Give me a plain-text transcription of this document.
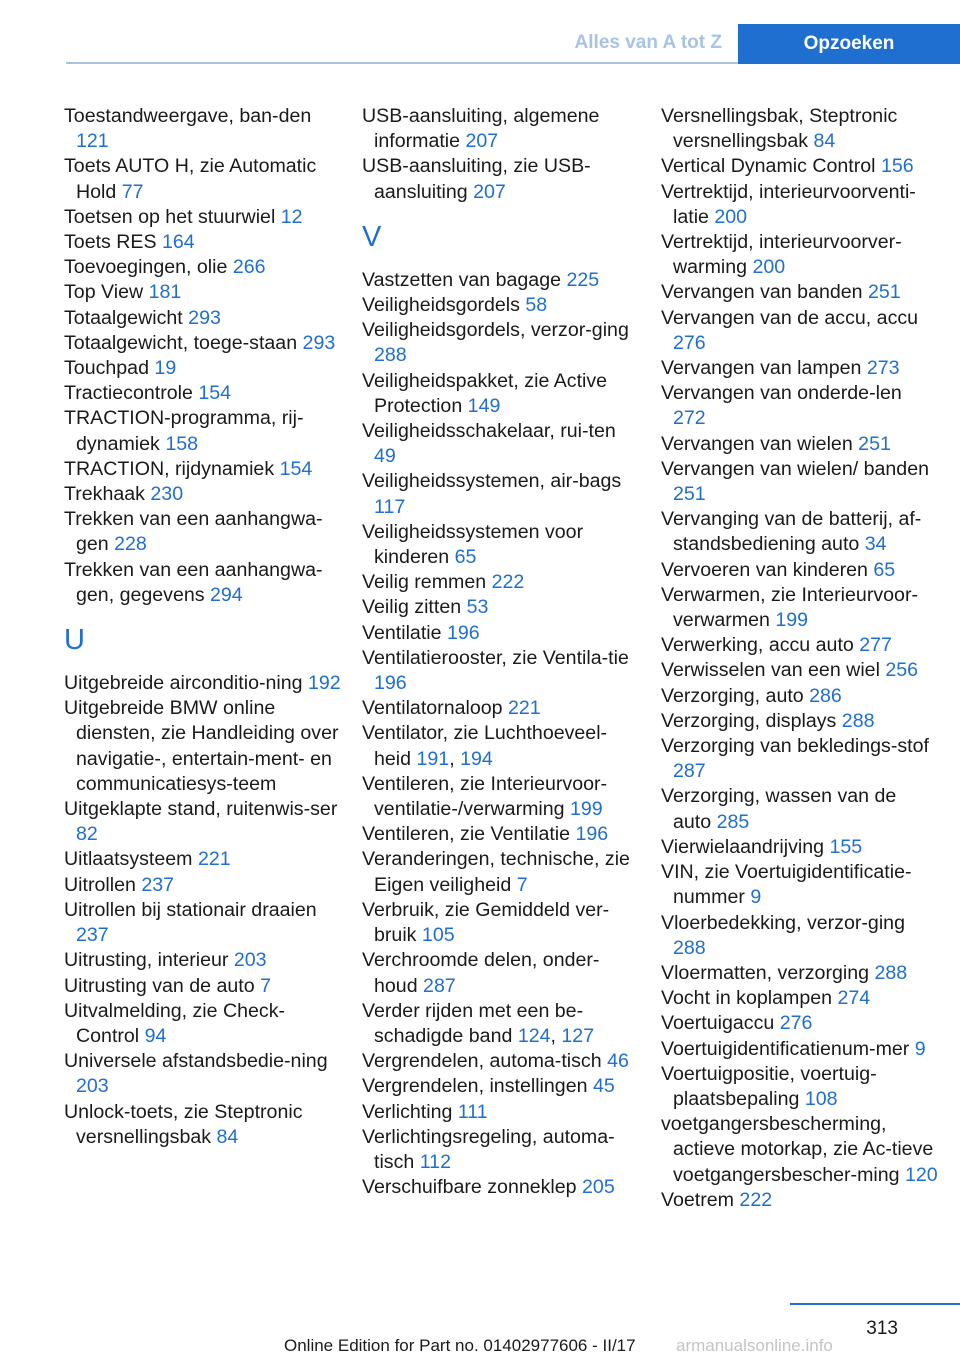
Alles van A tot Z	Opzoeken

Toestandweergave, ban-den 121

Toets AUTO H, zie Automatic Hold 77

Toetsen op het stuurwiel 12

Toets RES 164

Toevoegingen, olie 266

Top View 181

Totaalgewicht 293

Totaalgewicht, toege-staan 293

Touchpad 19

Tractiecontrole 154

TRACTION-programma, rij-dynamiek 158

TRACTION, rijdynamiek 154

Trekhaak 230

Trekken van een aanhangwa-gen 228

Trekken van een aanhangwa-gen, gegevens 294

U

Uitgebreide airconditio-ning 192

Uitgebreide BMW online diensten, zie Handleiding over navigatie-, entertain-ment- en communicatiesys-teem

Uitgeklapte stand, ruitenwis-ser 82

Uitlaatsysteem 221

Uitrollen 237

Uitrollen bij stationair draaien 237

Uitrusting, interieur 203

Uitrusting van de auto 7

Uitvalmelding, zie Check-Control 94

Universele afstandsbedie-ning 203

Unlock-toets, zie Steptronic versnellingsbak 84

USB-aansluiting, algemene informatie 207

USB-aansluiting, zie USB-aansluiting 207

V

Vastzetten van bagage 225

Veiligheidsgordels 58

Veiligheidsgordels, verzor-ging 288

Veiligheidspakket, zie Active Protection 149

Veiligheidsschakelaar, rui-ten 49

Veiligheidssystemen, air-bags 117

Veiligheidssystemen voor kinderen 65

Veilig remmen 222

Veilig zitten 53

Ventilatie 196

Ventilatierooster, zie Ventila-tie 196

Ventilatornaloop 221

Ventilator, zie Luchthoeveel-heid 191, 194

Ventileren, zie Interieurvoor-ventilatie-/verwarming 199

Ventileren, zie Ventilatie 196

Veranderingen, technische, zie Eigen veiligheid 7

Verbruik, zie Gemiddeld ver-bruik 105

Verchroomde delen, onder-houd 287

Verder rijden met een be-schadigde band 124, 127

Vergrendelen, automa-tisch 46

Vergrendelen, instellingen 45

Verlichting 111

Verlichtingsregeling, automa-tisch 112

Verschuifbare zonneklep 205

Versnellingsbak, Steptronic versnellingsbak 84

Vertical Dynamic Control 156

Vertrektijd, interieurvoorventi-latie 200

Vertrektijd, interieurvoorver-warming 200

Vervangen van banden 251

Vervangen van de accu, accu 276

Vervangen van lampen 273

Vervangen van onderde-len 272

Vervangen van wielen 251

Vervangen van wielen/ banden 251

Vervanging van de batterij, af-standsbediening auto 34

Vervoeren van kinderen 65

Verwarmen, zie Interieurvoor-verwarmen 199

Verwerking, accu auto 277

Verwisselen van een wiel 256

Verzorging, auto 286

Verzorging, displays 288

Verzorging van bekledings-stof 287

Verzorging, wassen van de auto 285

Vierwielaandrijving 155

VIN, zie Voertuigidentificatie-nummer 9

Vloerbedekking, verzor-ging 288

Vloermatten, verzorging 288

Vocht in koplampen 274

Voertuigaccu 276

Voertuigidentificatienum-mer 9

Voertuigpositie, voertuig-plaatsbepaling 108

voetgangersbescherming, actieve motorkap, zie Ac-tieve voetgangersbescher-ming 120

Voetrem 222

313
Online Edition for Part no. 01402977606 - II/17 armanualsonline.info
